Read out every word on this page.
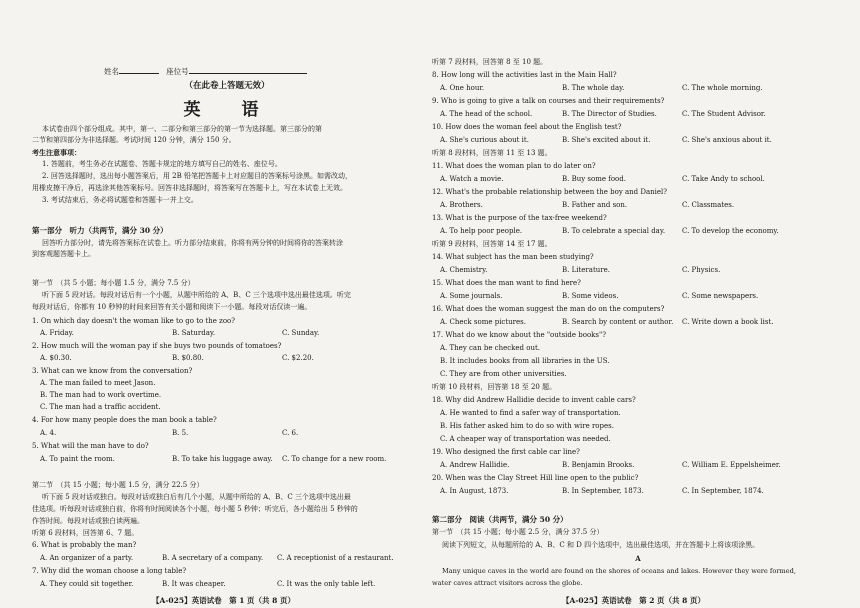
姓名	座位号
（在此卷上答题无效）
英　语
本试卷由四个部分组成。其中，第一、二部分和第三部分的第一节为选择题。第三部分的第
二节和第四部分为非选择题。考试时间 120 分钟，满分 150 分。
考生注意事项：
1. 答题前，考生务必在试题卷、答题卡规定的地方填写自己的姓名、座位号。
2. 回答选择题时，选出每小题答案后，用 2B 铅笔把答题卡上对应题目的答案标号涂黑。如需改动，
用橡皮擦干净后，再选涂其他答案标号。回答非选择题时，将答案写在答题卡上，写在本试卷上无效。
3. 考试结束后，务必将试题卷和答题卡一并上交。
第一部分　听力（共两节，满分 30 分）
回答听力部分时，请先将答案标在试卷上。听力部分结束前，你将有两分钟的时间将你的答案转涂
到客观题答题卡上。
第一节　（共 5 小题；每小题 1.5 分，满分 7.5 分）
听下面 5 段对话。每段对话后有一个小题，从题中所给的 A、B、C 三个选项中选出最佳选项。听完
每段对话后，你都有 10 秒钟的时间来回答有关小题和阅读下一小题。每段对话仅读一遍。
1. On which day doesn't the woman like to go to the zoo?
A. Friday.	B. Saturday.	C. Sunday.
2. How much will the woman pay if she buys two pounds of tomatoes?
A. $0.30.	B. $0.80.	C. $2.20.
3. What can we know from the conversation?
A. The man failed to meet Jason.
B. The man had to work overtime.
C. The man had a traffic accident.
4. For how many people does the man book a table?
A. 4.	B. 5.	C. 6.
5. What will the man have to do?
A. To paint the room.	B. To take his luggage away. C. To change for a new room.
第二节　（共 15 小题；每小题 1.5 分，满分 22.5 分）
听下面 5 段对话或独白。每段对话或独白后有几个小题，从题中所给的 A、B、C 三个选项中选出最
佳选项。听每段对话或独白前，你将有时间阅读各个小题，每小题 5 秒钟；听完后，各小题给出 5 秒钟的
作答时间。每段对话或独白读两遍。
听第 6 段材料，回答第 6、7 题。
6. What is probably the man?
A. An organizer of a party.	B. A secretary of a company. C. A receptionist of a restaurant.
7. Why did the woman choose a long table?
A. They could sit together.	B. It was cheaper.	C. It was the only table left.
【A-025】英语试卷　第 1 页（共 8 页）
听第 7 段材料，回答第 8 至 10 题。
8. How long will the activities last in the Main Hall?
A. One hour.	B. The whole day.	C. The whole morning.
9. Who is going to give a talk on courses and their requirements?
A. The head of the school.	B. The Director of Studies.	C. The Student Advisor.
10. How does the woman feel about the English test?
A. She's curious about it.	B. She's excited about it.	C. She's anxious about it.
听第 8 段材料，回答第 11 至 13 题。
11. What does the woman plan to do later on?
A. Watch a movie.	B. Buy some food.	C. Take Andy to school.
12. What's the probable relationship between the boy and Daniel?
A. Brothers.	B. Father and son.	C. Classmates.
13. What is the purpose of the tax-free weekend?
A. To help poor people.	B. To celebrate a special day. C. To develop the economy.
听第 9 段材料，回答第 14 至 17 题。
14. What subject has the man been studying?
A. Chemistry.	B. Literature.	C. Physics.
15. What does the man want to find here?
A. Some journals.	B. Some videos.	C. Some newspapers.
16. What does the woman suggest the man do on the computers?
A. Check some pictures.	B. Search by content or author. C. Write down a book list.
17. What do we know about the "outside books"?
A. They can be checked out.
B. It includes books from all libraries in the US.
C. They are from other universities.
听第 10 段材料，回答第 18 至 20 题。
18. Why did Andrew Hallidie decide to invent cable cars?
A. He wanted to find a safer way of transportation.
B. His father asked him to do so with wire ropes.
C. A cheaper way of transportation was needed.
19. Who designed the first cable car line?
A. Andrew Hallidie.	B. Benjamin Brooks.	C. William E. Eppelsheimer.
20. When was the Clay Street Hill line open to the public?
A. In August, 1873.	B. In September, 1873.	C. In September, 1874.
第二部分　阅读（共两节，满分 50 分）
第一节　（共 15 小题；每小题 2.5 分，满分 37.5 分）
阅读下列短文，从每题所给的 A、B、C 和 D 四个选项中，选出最佳选项，并在答题卡上将该项涂黑。
A
Many unique caves in the world are found on the shores of oceans and lakes. However they were formed,
water caves attract visitors across the globe.
【A-025】英语试卷　第 2 页（共 8 页）
